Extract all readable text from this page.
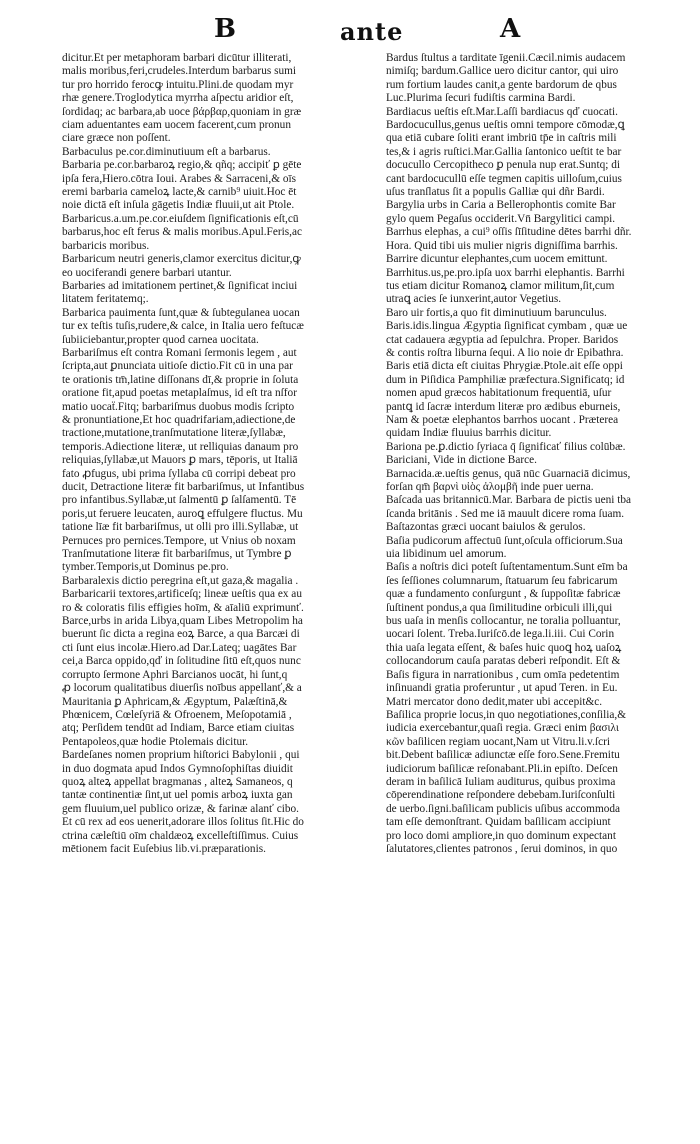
B	ante	A
dicitur.Et per metaphoram barbari dicūtur illiterati,
malis moribus,feri,crudeles.Interdum barbarus sumi
tur pro horrido ferocꝙ intuitu.Plini.de quodam myr
rhæ genere.Troglodytica myrrha aſpectu aridior eſt,
ſordidaq; ac barbara,ab uoce βάρβαρ,quoniam in græ
ciam aduentantes eam uocem facerent,cum pronun
ciare græce non poſſent.
Barbaculus pe.cor.diminutiuum eſt a barbarus.
Barbaria pe.cor.barbaroꝝ regio,& qñq; accipiť ꝑ gēte
ipſa fera,Hiero.cōtra Ioui. Arabes & Sarraceni,& oīs
eremi barbaria cameloꝝ lacte,& carnib⁹ uiuit.Hoc ēt
noie dictā eſt inſula gāgetis Indiæ fluuii,ut ait Ptole.
Barbaricus.a.um.pe.cor.eiuſdem ſignificationis eſt,cū
barbarus,hoc eſt ferus & malis moribus.Apul.Feris,ac
barbaricis moribus.
Barbaricum neutri generis,clamor exercitus dicitur,ꝙ
eo uociferandi genere barbari utantur.
Barbaries ad imitationem pertinet,& ſignificat inciui
litatem feritatemq;.
Barbarica pauimenta ſunt,quæ & ſubtegulanea uocan
tur ex teſtis tuſis,rudere,& calce, in Italia uero feſtucæ
ſubiiciebantur,propter quod carnea uocitata.
Barbariſmus eſt contra Romani ſermonis legem , aut
ſcripta,aut ꝑnunciata uitioſe dictio.Fit cū in una par
te orationis tm̄,latine diſſonans dī,& proprie in ſoluta
oratione fit,apud poetas metaplaſmus, id eſt tra nſfor
matio uocaẗ.Fitq; barbariſmus duobus modis ſcripto
& pronuntiatione,Et hoc quadrifariam,adiectione,de
tractione,mutatione,tranſmutatione literæ,ſyllabæ,
temporis.Adiectione literæ, ut relliquias danaum pro
reliquias,ſyllabæ,ut Mauors ꝑ mars, tēporis, ut Italiā
fato ꝓfugus, ubi prima ſyllaba cū corripi debeat pro
ducit, Detractione literæ fit barbariſmus, ut Infantibus
pro infantibus.Syllabæ,ut ſalmentū ꝑ ſalſamentū. Tē
poris,ut feruere leucaten, auroꝗ effulgere fluctus. Mu
tatione līæ fit barbariſmus, ut olli pro illi.Syllabæ, ut
Pernuces pro pernices.Tempore, ut Vnius ob noxam
Tranſmutatione literæ fit barbariſmus, ut Tymbre ꝑ
tymber.Temporis,ut Dominus pe.pro.
Barbaralexis dictio peregrina eſt,ut gaza,& magalia .
Barbaricarii textores,artificeſq; lineæ ueſtis qua ex au
ro & coloratis filis effigies hoīm, & aīaliū exprimunť.
Barce,urbs in arida Libya,quam Libes Metropolim ha
buerunt ſic dicta a regina eoꝝ Barce, a qua Barcæi di
cti ſunt eius incolæ.Hiero.ad Dar.Lateq; uagātes Bar
cei,a Barca oppido,qď in ſolitudine ſitū eſt,quos nunc
corrupto ſermone Aphri Barcianos uocāt, hi ſunt,q
ꝓ locorum qualitatibus diuerſis noībus appellanť,& a
Mauritania ꝑ Aphricam,& Ægyptum, Palæſtinā,&
Phœnicem, Cœleſyriā & Ofroenem, Meſopotamiā ,
atq; Perſidem tendūt ad Indiam, Barce etiam ciuitas
Pentapoleos,quæ hodie Ptolemais dicitur.
Bardeſanes nomen proprium hiſtorici Babylonii , qui
in duo dogmata apud Indos Gymnoſophiſtas diuidit
quoꝝ alteꝝ appellat bragmanas , alteꝝ Samaneos, q
tantæ continentiæ ſint,ut uel pomis arboꝝ iuxta gan
gem fluuium,uel publico orizæ, & farinæ alanť cibo.
Et cū rex ad eos uenerit,adorare illos ſolitus ſit.Hic do
ctrina cæleſtiū oīm chaldæoꝝ excelleſtiſſimus. Cuius
mētionem facit Euſebius lib.vi.præparationis.
Bardus ſtultus a tarditate īgenii.Cæcil.nimis audacem
nimiſq; bardum.Gallice uero dicitur cantor, qui uiro
rum fortium laudes canit,a gente bardorum de qbus
Luc.Plurima ſecuri fudiſtis carmina Bardi.
Bardiacus ueſtis eſt.Mar.Laſſi bardiacus qď cuocati.
Bardocucullus,genus ueſtis omni tempore cōmodæ,ꝗ
qua etiā cubare ſoliti erant imbriū tp̄e in caſtris mili
tes,& i agris ruſtici.Mar.Gallia ſantonico ueſtit te bar
docucullo Cercopitheco ꝑ penula nup erat.Suntq; di
cant bardocucullū eſſe tegmen capitis uilloſum,cuius
uſus tranſlatus ſit a populis Galliæ qui dñr Bardi.
Bargylia urbs in Caria a Bellerophontis comite Bar
gylo quem Pegaſus occiderit.Vn̄ Bargylitici campi.
Barrhus elephas, a cui⁹ oſſis ſīſitudine dētes barrhi dñr.
Hora. Quid tibi uis mulier nigris digniſſima barrhis.
Barrire dicuntur elephantes,cum uocem emittunt.
Barrhitus.us,pe.pro.ipſa uox barrhi elephantis. Barrhi
tus etiam dicitur Romanoꝝ clamor militum,ſit,cum
utraꝗ acies ſe iunxerint,autor Vegetius.
Baro uir fortis,a quo fit diminutiuum barunculus.
Baris.idis.lingua Ægyptia ſignificat cymbam , quæ ue
ctat cadauera ægyptia ad ſepulchra. Proper. Baridos
& contis roſtra liburna ſequi. A lio noie dr Epibathra.
Baris etiā dicta eſt ciuitas Phrygiæ.Ptole.ait eſſe oppi
dum in Piſidica Pamphiliæ præfectura.Significatq; id
nomen apud græcos habitationum frequentiā, uſur
pantꝗ id ſacræ interdum literæ pro ædibus eburneis,
Nam & poetæ elephantos barrhos uocant . Præterea
quidam Indiæ fluuius barrhis dicitur.
Bariona pe.ꝑ.dictio ſyriaca q̄ ſignificať filius colūbæ.
Bariciani, Vide in dictione Barce.
Barnacida.æ.ueſtis genus, quā nūc Guarnaciā dicimus,
forſan qm̄ βαρνὶ υἱὸς ἀλομβῆ inde puer uerna.
Baſcada uas britannicū.Mar. Barbara de pictis ueni tba
ſcanda britānis . Sed me iā mauult dicere roma ſuam.
Baſtazontas græci uocant baiulos & gerulos.
Baſia pudicorum affectuū ſunt,oſcula officiorum.Sua
uia libidinum uel amorum.
Baſis a noſtris dici poteſt ſuſtentamentum.Sunt eīm ba
ſes ſeſſiones columnarum, ſtatuarum ſeu fabricarum
quæ a fundamento conſurgunt , & ſuppoſitæ fabricæ
ſuſtinent pondus,a qua ſimilitudine orbiculi illi,qui
bus uaſa in menſis collocantur, ne toralia polluantur,
uocari ſolent. Treba.Iuriſcō.de lega.li.iii. Cui Corin
thia uaſa legata eſſent, & baſes huic quoꝗ hoꝝ uaſoꝝ
collocandorum cauſa paratas deberi reſpondit. Eſt &
Baſis figura in narrationibus , cum omīa pedetentim
inſinuandi gratia proferuntur , ut apud Teren. in Eu.
Matri mercator dono dedit,mater ubi accepit&c.
Baſilica proprie locus,in quo negotiationes,conſilia,&
iudicia exercebantur,quaſi regia. Græci enim βασιλι
κῶν baſilicen regiam uocant,Nam ut Vitru.li.v.ſcri
bit.Debent baſilicæ adiunctæ eſſe foro.Sene.Fremitu
iudiciorum baſilicæ reſonabant.Pli.in epiſto. Deſcen
deram in baſilicā Iuliam auditurus, quibus proxima
cōperendinatione reſpondere debebam.Iuriſconſulti
de uerbo.ſigni.baſilicam publicis uſibus accommoda
tam eſſe demonſtrant. Quidam baſilicam accipiunt
pro loco domi ampliore,in quo dominum expectant
ſalutatores,clientes patronos , ſerui dominos, in quo
